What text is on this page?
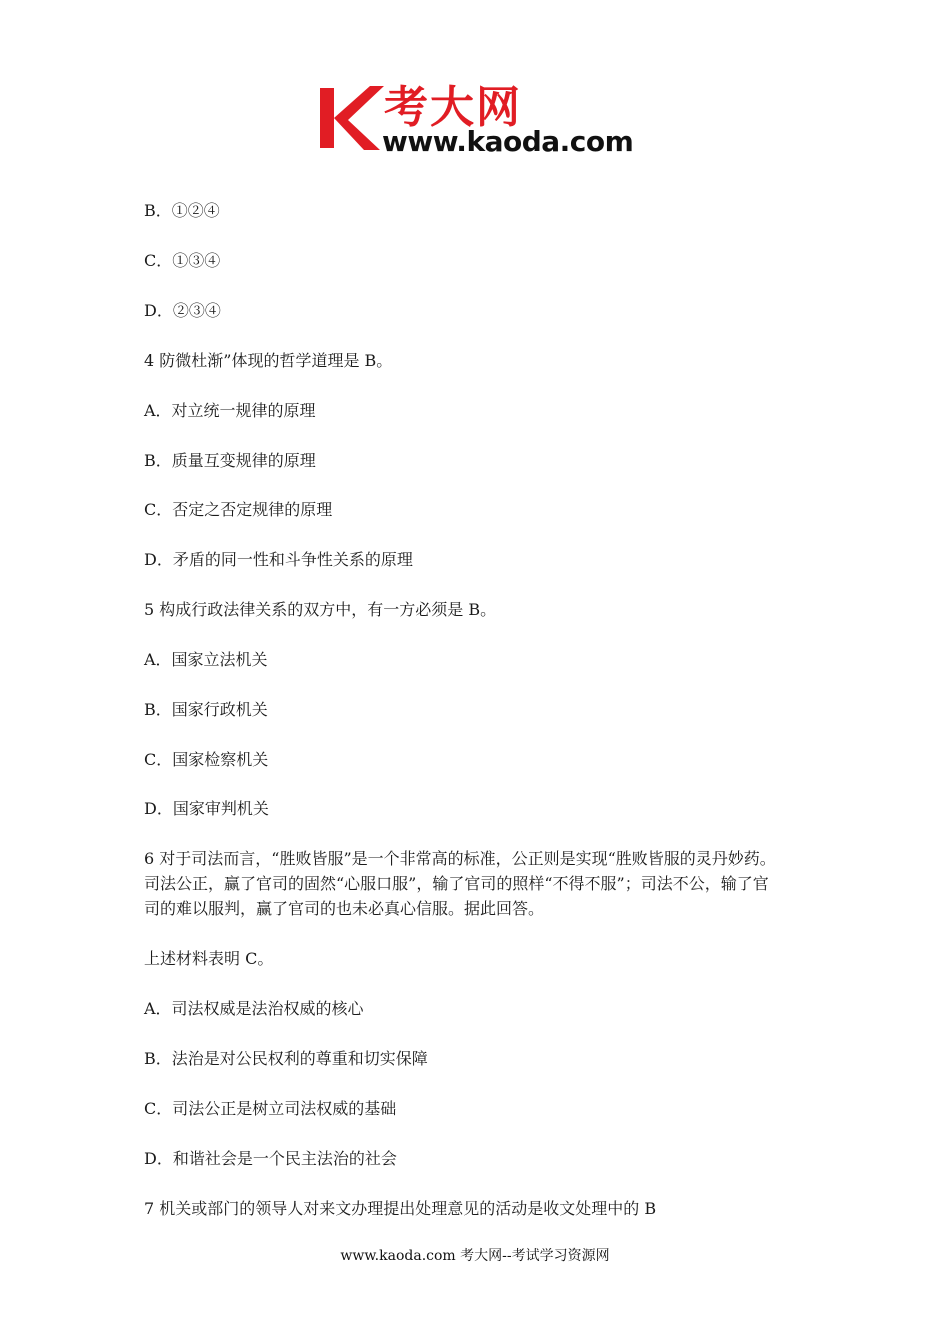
考大网
www.kaoda.com

B．①②④

C．①③④

D．②③④

4 防微杜渐”体现的哲学道理是 B。

A．对立统一规律的原理

B．质量互变规律的原理

C．否定之否定规律的原理

D．矛盾的同一性和斗争性关系的原理

5 构成行政法律关系的双方中，有一方必须是 B。

A．国家立法机关

B．国家行政机关

C．国家检察机关

D．国家审判机关

6 对于司法而言，“胜败皆服”是一个非常高的标准，公正则是实现“胜败皆服的灵丹妙药。

司法公正，赢了官司的固然“心服口服”，输了官司的照样“不得不服”；司法不公，输了官

司的难以服判，赢了官司的也未必真心信服。据此回答。

上述材料表明 C。

A．司法权威是法治权威的核心

B．法治是对公民权利的尊重和切实保障

C．司法公正是树立司法权威的基础

D．和谐社会是一个民主法治的社会

7 机关或部门的领导人对来文办理提出处理意见的活动是收文处理中的 B

www.kaoda.com 考大网--考试学习资源网
